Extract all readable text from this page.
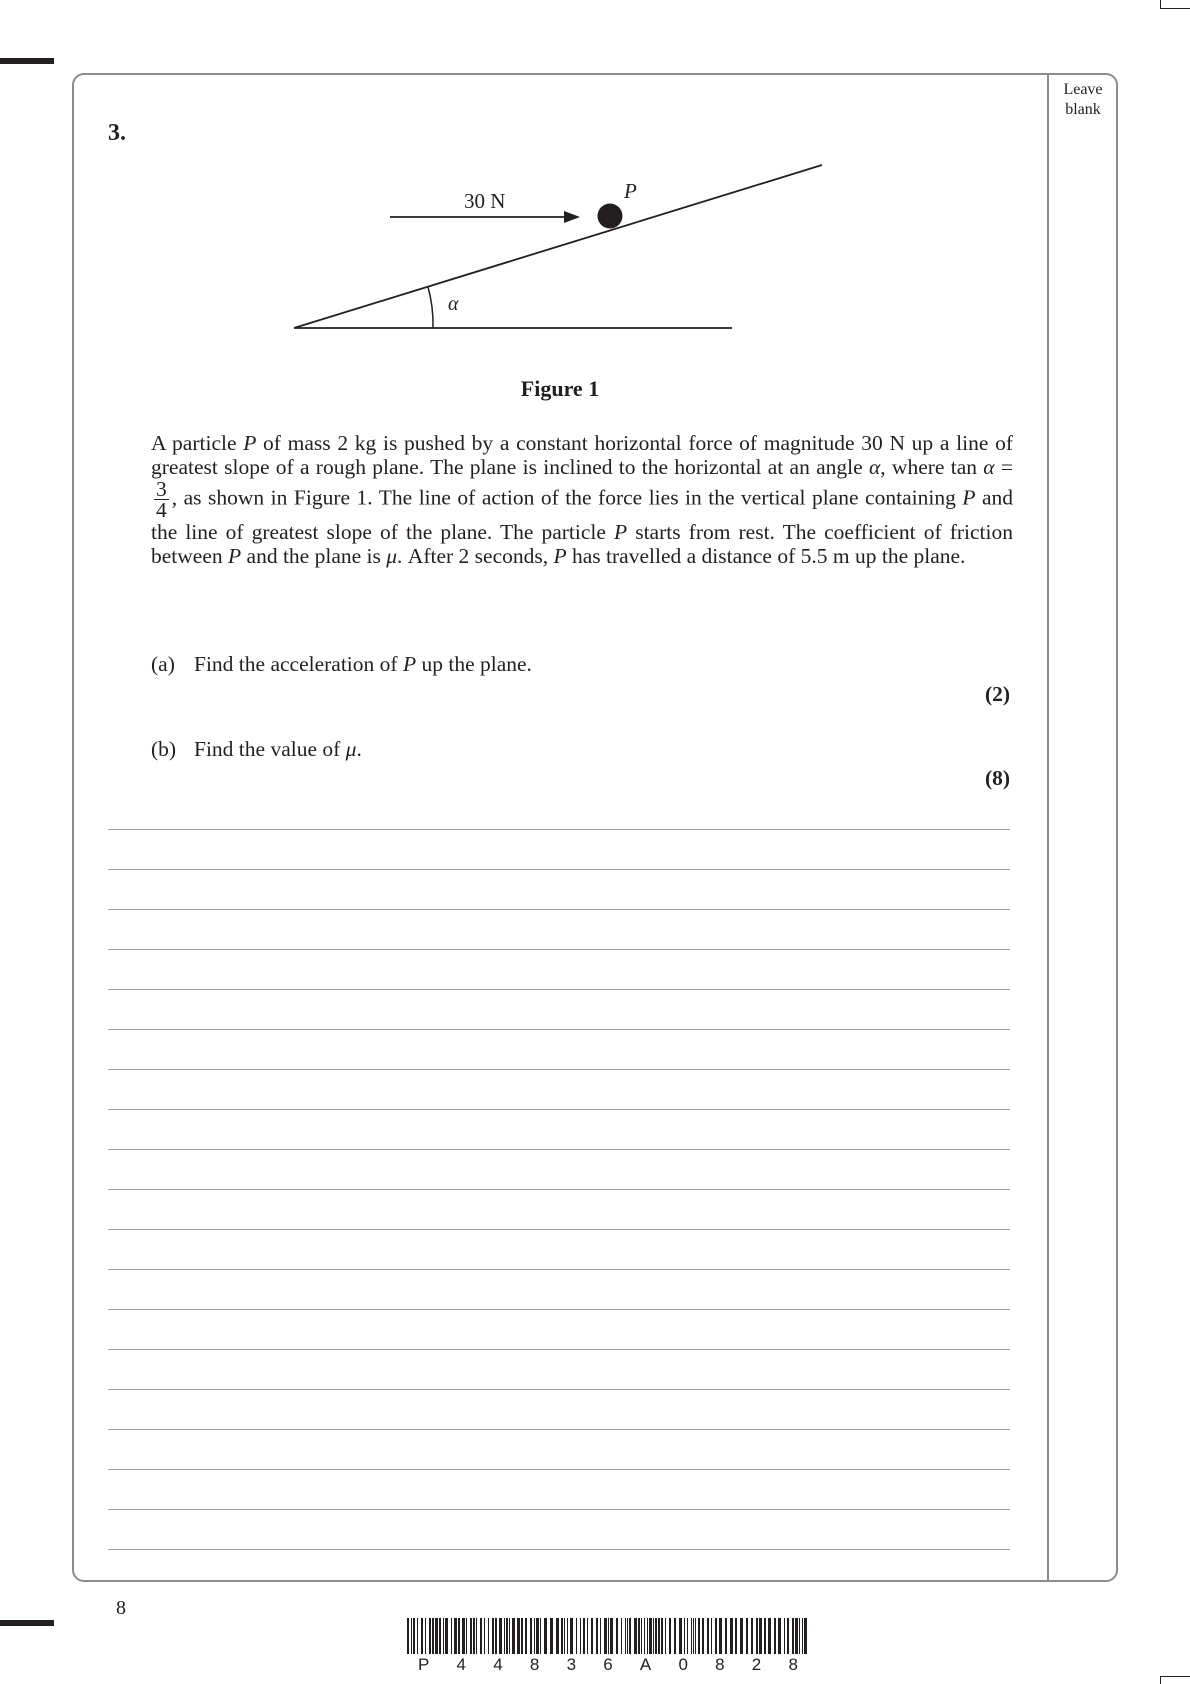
Leave
blank
3.
30 N	P
α
Figure 1

A particle P of mass 2 kg is pushed by a constant horizontal force of magnitude 30 N up a line of greatest slope of a rough plane. The plane is inclined to the horizontal at an angle α, where tan α =
$\frac{3}{4}$ , as shown in Figure 1. The line of action of the force lies in the vertical plane containing P and the line of greatest slope of the plane. The particle P starts from rest. The coefficient of friction between P and the plane is μ. After 2 seconds, P has travelled a distance of 5.5 m up the plane.

(a) Find the acceleration of P up the plane.
(2)
(b) Find the value of μ.
(8)
8
P 4 4 8 3 6 A 0 8 2 8
